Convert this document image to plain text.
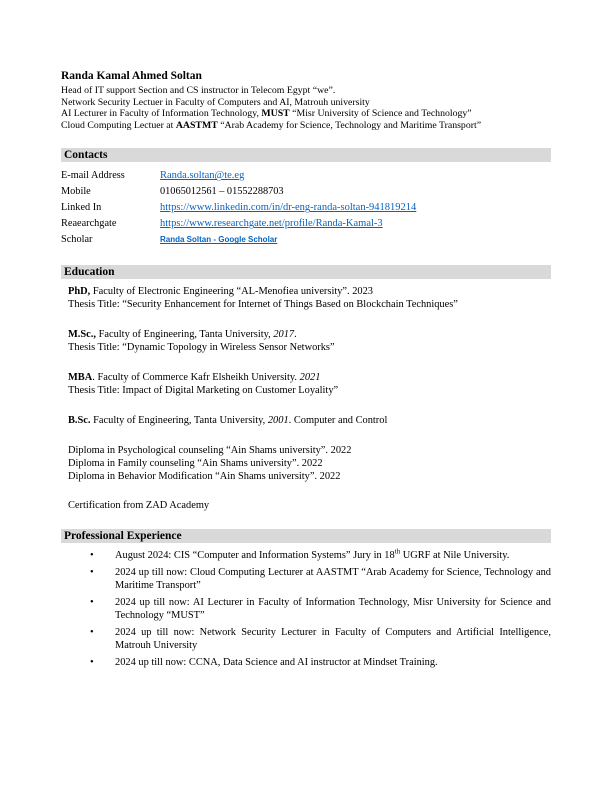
Randa Kamal Ahmed Soltan

Head of IT support Section and CS instructor in Telecom Egypt “we”.

Network Security Lectuer in Faculty of Computers and AI, Matrouh university

AI Lecturer in Faculty of Information Technology, MUST “Misr University of Science and Technology”

Cloud Computing Lectuer at AASTMT “Arab Academy for Science, Technology and Maritime Transport”

Contacts
E-mail Address	Randa.soltan@te.eg
Mobile	01065012561 – 01552288703
Linked In	https://www.linkedin.com/in/dr-eng-randa-soltan-941819214
Reaearchgate	https://www.researchgate.net/profile/Randa-Kamal-3
Scholar	Randa Soltan - Google Scholar
Education

PhD, Faculty of Electronic Engineering “AL-Menofiea university”. 2023

Thesis Title: “Security Enhancement for Internet of Things Based on Blockchain Techniques”

M.Sc., Faculty of Engineering, Tanta University, 2017.

Thesis Title: “Dynamic Topology in Wireless Sensor Networks”

MBA. Faculty of Commerce Kafr Elsheikh University. 2021

Thesis Title: Impact of Digital Marketing on Customer Loyality”

B.Sc. Faculty of Engineering, Tanta University, 2001. Computer and Control

Diploma in Psychological counseling “Ain Shams university”. 2022

Diploma in Family counseling “Ain Shams university”. 2022

Diploma in Behavior Modification “Ain Shams university”. 2022

Certification from ZAD Academy

Professional Experience
•	August 2024: CIS “Computer and Information Systems” Jury in 18th UGRF at Nile University.

•	2024 up till now: Cloud Computing Lecturer at AASTMT “Arab Academy for Science, Technology and Maritime Transport”

•	2024 up till now: AI Lecturer in Faculty of Information Technology, Misr University for Science and Technology “MUST”

•	2024 up till now: Network Security Lecturer in Faculty of Computers and Artificial Intelligence, Matrouh University

•	2024 up till now: CCNA, Data Science and AI instructor at Mindset Training.
